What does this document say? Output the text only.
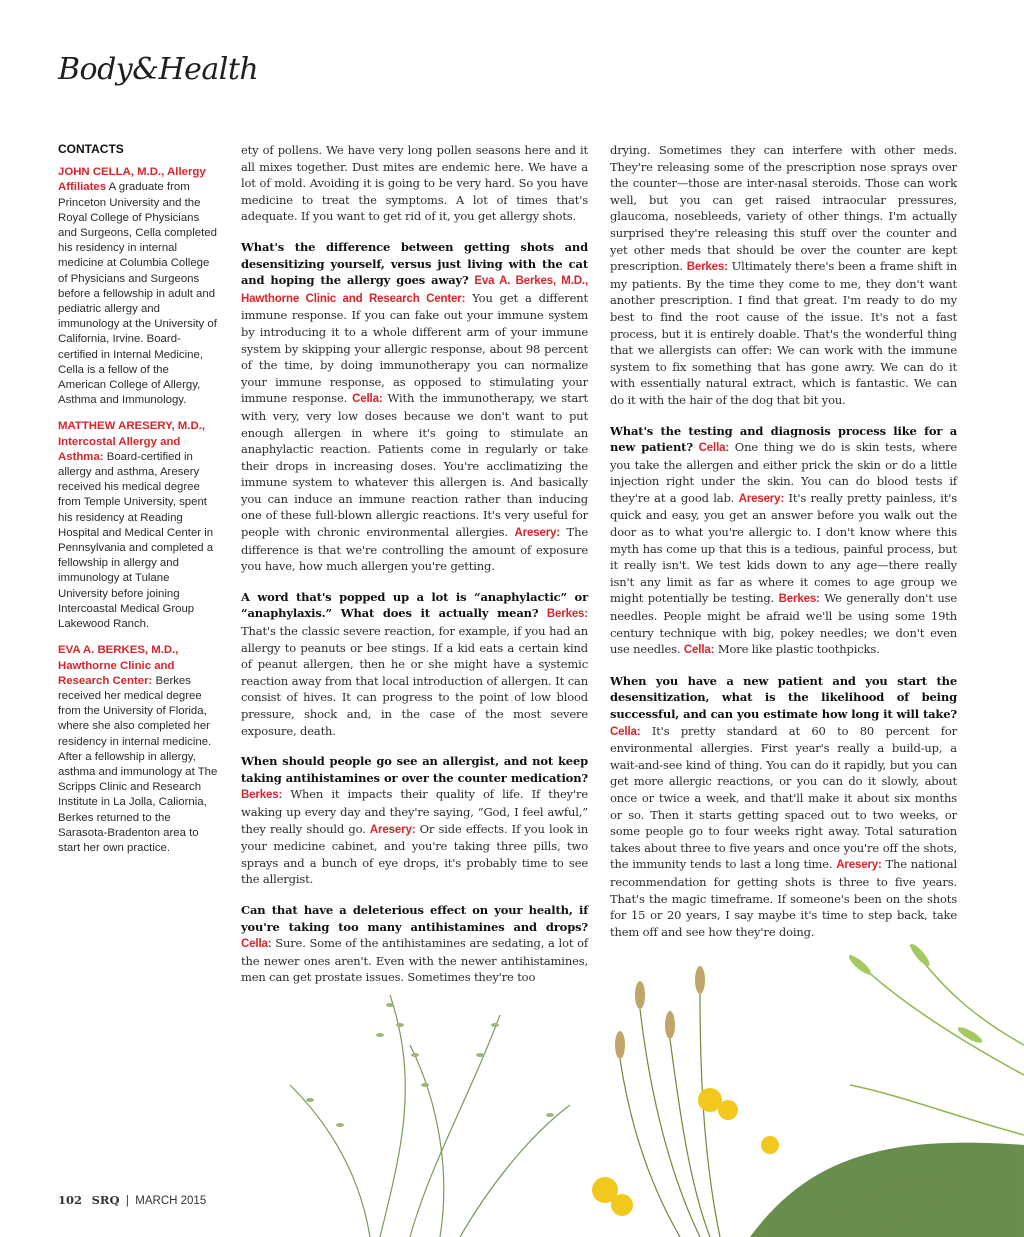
Body&Health
CONTACTS
JOHN CELLA, M.D., Allergy Affiliates A graduate from Princeton University and the Royal College of Physicians and Surgeons, Cella completed his residency in internal medicine at Columbia College of Physicians and Surgeons before a fellowship in adult and pediatric allergy and immunology at the University of California, Irvine. Board-certified in Internal Medicine, Cella is a fellow of the American College of Allergy, Asthma and Immunology.
MATTHEW ARESERY, M.D., Intercostal Allergy and Asthma: Board-certified in allergy and asthma, Aresery received his medical degree from Temple University, spent his residency at Reading Hospital and Medical Center in Pennsylvania and completed a fellowship in allergy and immunology at Tulane University before joining Intercoastal Medical Group Lakewood Ranch.
EVA A. BERKES, M.D., Hawthorne Clinic and Research Center: Berkes received her medical degree from the University of Florida, where she also completed her residency in internal medicine. After a fellowship in allergy, asthma and immunology at The Scripps Clinic and Research Institute in La Jolla, Caliornia, Berkes returned to the Sarasota-Bradenton area to start her own practice.

ety of pollens. We have very long pollen seasons here and it all mixes together. Dust mites are endemic here. We have a lot of mold. Avoiding it is going to be very hard. So you have medicine to treat the symptoms. A lot of times that's adequate. If you want to get rid of it, you get allergy shots.

What's the difference between getting shots and desensitizing yourself, versus just living with the cat and hoping the allergy goes away? Eva A. Berkes, M.D., Hawthorne Clinic and Research Center: You get a different immune response. If you can fake out your immune system by introducing it to a whole different arm of your immune system by skipping your allergic response, about 98 percent of the time, by doing immunotherapy you can normalize your immune response, as opposed to stimulating your immune response. Cella: With the immunotherapy, we start with very, very low doses because we don't want to put enough allergen in where it's going to stimulate an anaphylactic reaction. Patients come in regularly or take their drops in increasing doses. You're acclimatizing the immune system to whatever this allergen is. And basically you can induce an immune reaction rather than inducing one of these full-blown allergic reactions. It's very useful for people with chronic environmental allergies. Aresery: The difference is that we're controlling the amount of exposure you have, how much allergen you're getting.

A word that's popped up a lot is “anaphylactic” or “anaphylaxis.” What does it actually mean? Berkes: That's the classic severe reaction, for example, if you had an allergy to peanuts or bee stings. If a kid eats a certain kind of peanut allergen, then he or she might have a systemic reaction away from that local introduction of allergen. It can consist of hives. It can progress to the point of low blood pressure, shock and, in the case of the most severe exposure, death.

When should people go see an allergist, and not keep taking antihistamines or over the counter medication? Berkes: When it impacts their quality of life. If they're waking up every day and they're saying, “God, I feel awful,” they really should go. Aresery: Or side effects. If you look in your medicine cabinet, and you're taking three pills, two sprays and a bunch of eye drops, it's probably time to see the allergist.

Can that have a deleterious effect on your health, if you're taking too many antihistamines and drops? Cella: Sure. Some of the antihistamines are sedating, a lot of the newer ones aren't. Even with the newer antihistamines, men can get prostate issues. Sometimes they're too

drying. Sometimes they can interfere with other meds. They're releasing some of the prescription nose sprays over the counter—those are inter-nasal steroids. Those can work well, but you can get raised intraocular pressures, glaucoma, nosebleeds, variety of other things. I'm actually surprised they're releasing this stuff over the counter and yet other meds that should be over the counter are kept prescription. Berkes: Ultimately there's been a frame shift in my patients. By the time they come to me, they don't want another prescription. I find that great. I'm ready to do my best to find the root cause of the issue. It's not a fast process, but it is entirely doable. That's the wonderful thing that we allergists can offer: We can work with the immune system to fix something that has gone awry. We can do it with essentially natural extract, which is fantastic. We can do it with the hair of the dog that bit you.

What's the testing and diagnosis process like for a new patient? Cella: One thing we do is skin tests, where you take the allergen and either prick the skin or do a little injection right under the skin. You can do blood tests if they're at a good lab. Aresery: It's really pretty painless, it's quick and easy, you get an answer before you walk out the door as to what you're allergic to. I don't know where this myth has come up that this is a tedious, painful process, but it really isn't. We test kids down to any age—there really isn't any limit as far as where it comes to age group we might potentially be testing. Berkes: We generally don't use needles. People might be afraid we'll be using some 19th century technique with big, pokey needles; we don't even use needles. Cella: More like plastic toothpicks.

When you have a new patient and you start the desensitization, what is the likelihood of being successful, and can you estimate how long it will take? Cella: It's pretty standard at 60 to 80 percent for environmental allergies. First year's really a build-up, a wait-and-see kind of thing. You can do it rapidly, but you can get more allergic reactions, or you can do it slowly, about once or twice a week, and that'll make it about six months or so. Then it starts getting spaced out to two weeks, or some people go to four weeks right away. Total saturation takes about three to five years and once you're off the shots, the immunity tends to last a long time. Aresery: The national recommendation for getting shots is three to five years. That's the magic timeframe. If someone's been on the shots for 15 or 20 years, I say maybe it's time to step back, take them off and see how they're doing.

102 SRQ | MARCH 2015
